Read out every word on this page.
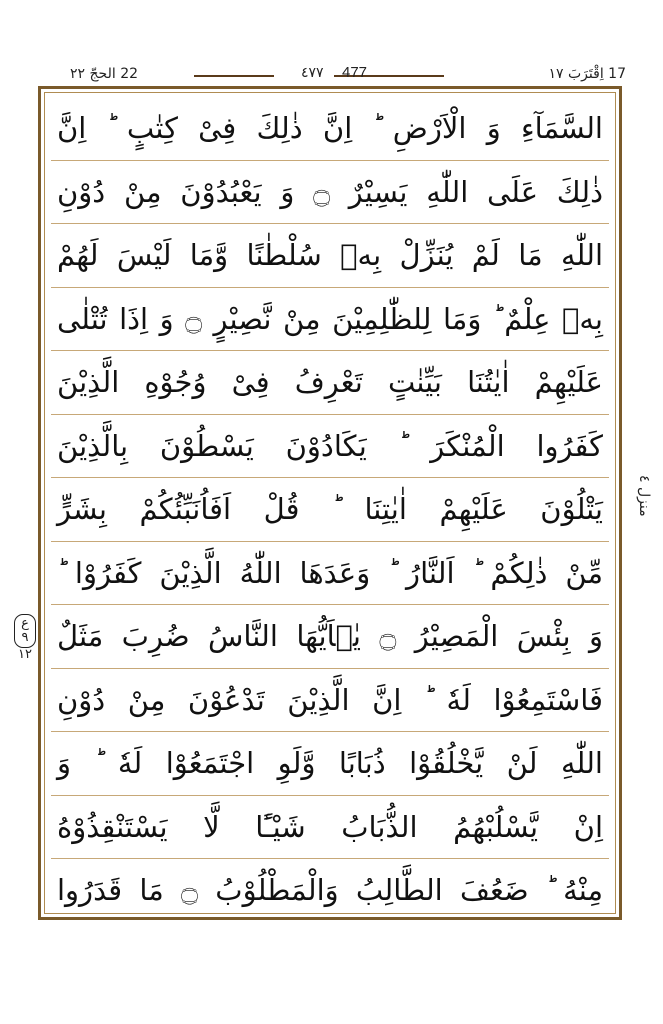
17 اِقْتَرَبَ ١٧
٤٧٧ 477
22 الحجّ ٢٢
السَّمَآءِ وَ الْاَرْضِ ؕ اِنَّ ذٰلِكَ فِیْ كِتٰبٍ ؕ اِنَّ
ذٰلِكَ عَلَی اللّٰهِ یَسِیْرٌ ۝ وَ یَعْبُدُوْنَ مِنْ دُوْنِ
اللّٰهِ مَا لَمْ یُنَزِّلْ بِهٖ سُلْطٰنًا وَّمَا لَیْسَ لَهُمْ
بِهٖ عِلْمٌ ؕ وَمَا لِلظّٰلِمِیْنَ مِنْ نَّصِیْرٍ ۝ وَ اِذَا تُتْلٰی
عَلَیْهِمْ اٰیٰتُنَا بَیِّنٰتٍ تَعْرِفُ فِیْ وُجُوْهِ الَّذِیْنَ
كَفَرُوا الْمُنْكَرَ ؕ یَكَادُوْنَ یَسْطُوْنَ بِالَّذِیْنَ
یَتْلُوْنَ عَلَیْهِمْ اٰیٰتِنَا ؕ قُلْ اَفَاُنَبِّئُكُمْ بِشَرٍّ
مِّنْ ذٰلِكُمْ ؕ اَلنَّارُ ؕ وَعَدَهَا اللّٰهُ الَّذِیْنَ كَفَرُوْا ؕ
وَ بِئْسَ الْمَصِیْرُ ۝ یٰۤاَیُّهَا النَّاسُ ضُرِبَ مَثَلٌ
فَاسْتَمِعُوْا لَهٗ ؕ اِنَّ الَّذِیْنَ تَدْعُوْنَ مِنْ دُوْنِ
اللّٰهِ لَنْ یَّخْلُقُوْا ذُبَابًا وَّلَوِ اجْتَمَعُوْا لَهٗ ؕ وَ
اِنْ یَّسْلُبْهُمُ الذُّبَابُ شَیْـًٔا لَّا یَسْتَنْقِذُوْهُ
مِنْهُ ؕ ضَعُفَ الطَّالِبُ وَالْمَطْلُوْبُ ۝ مَا قَدَرُوا
منزل ٤
ع ٩
١٢
